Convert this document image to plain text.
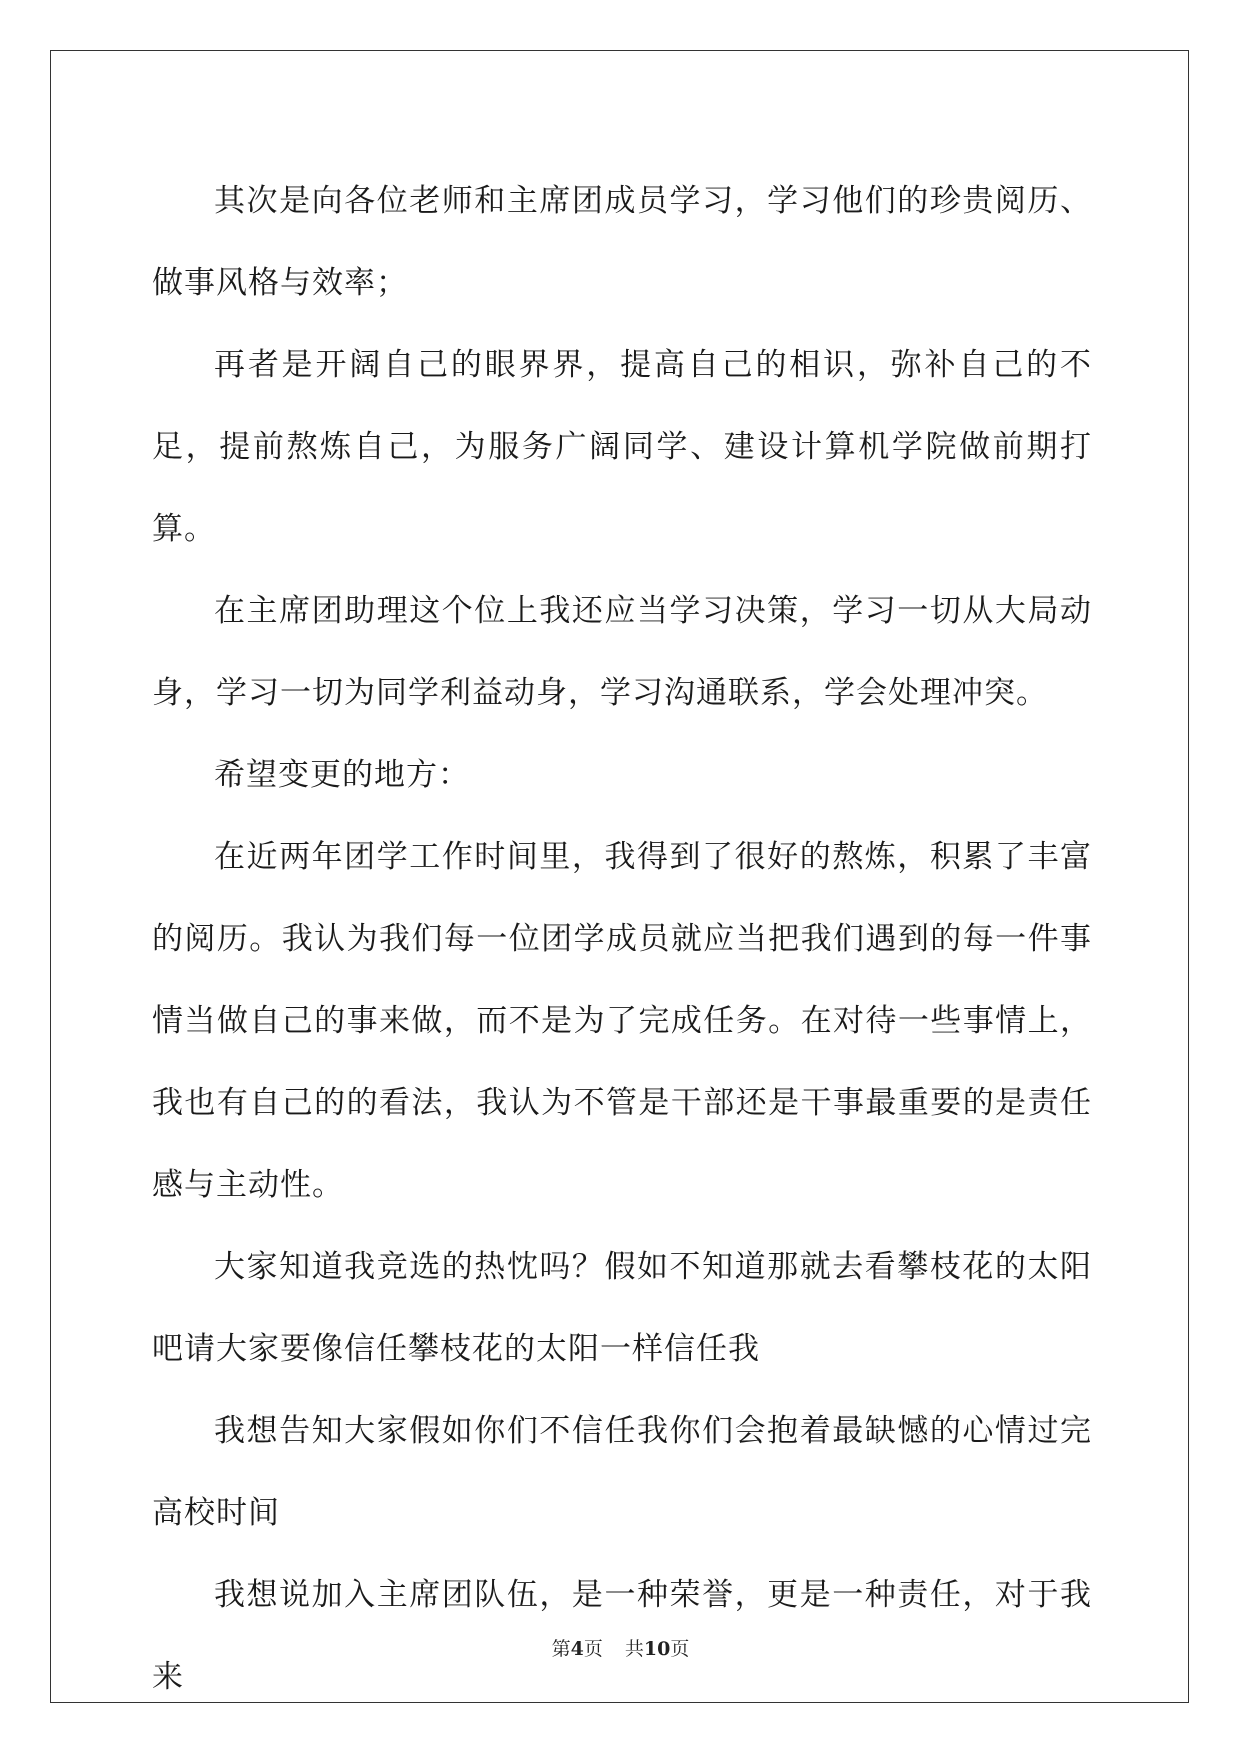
其次是向各位老师和主席团成员学习，学习他们的珍贵阅历、做事风格与效率；

再者是开阔自己的眼界界，提高自己的相识，弥补自己的不足，提前熬炼自己，为服务广阔同学、建设计算机学院做前期打算。

在主席团助理这个位上我还应当学习决策，学习一切从大局动身，学习一切为同学利益动身，学习沟通联系，学会处理冲突。

希望变更的地方：

在近两年团学工作时间里，我得到了很好的熬炼，积累了丰富的阅历。我认为我们每一位团学成员就应当把我们遇到的每一件事情当做自己的事来做，而不是为了完成任务。在对待一些事情上，我也有自己的的看法，我认为不管是干部还是干事最重要的是责任感与主动性。

大家知道我竞选的热忱吗？假如不知道那就去看攀枝花的太阳吧请大家要像信任攀枝花的太阳一样信任我

我想告知大家假如你们不信任我你们会抱着最缺憾的心情过完高校时间

我想说加入主席团队伍，是一种荣誉，更是一种责任，对于我来

第4页 共10页
